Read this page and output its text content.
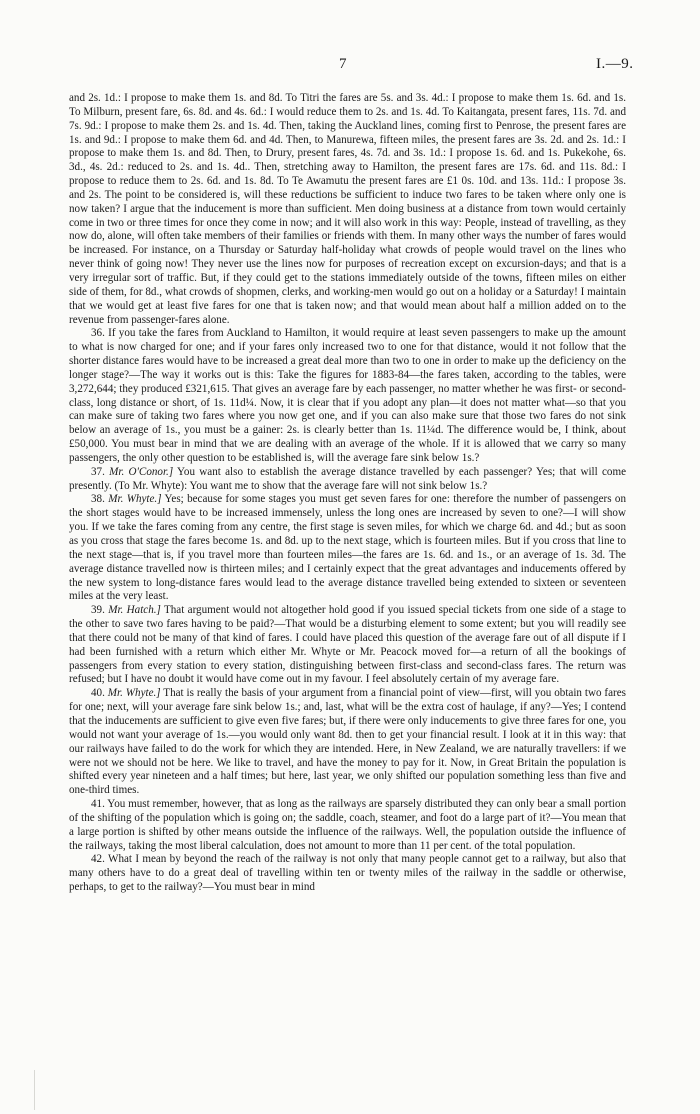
7	I.—9.

and 2s. 1d.: I propose to make them 1s. and 8d. To Titri the fares are 5s. and 3s. 4d.: I propose to make them 1s. 6d. and 1s. To Milburn, present fare, 6s. 8d. and 4s. 6d.: I would reduce them to 2s. and 1s. 4d. To Kaitangata, present fares, 11s. 7d. and 7s. 9d.: I propose to make them 2s. and 1s. 4d. Then, taking the Auckland lines, coming first to Penrose, the present fares are 1s. and 9d.: I propose to make them 6d. and 4d. Then, to Manurewa, fifteen miles, the present fares are 3s. 2d. and 2s. 1d.: I propose to make them 1s. and 8d. Then, to Drury, present fares, 4s. 7d. and 3s. 1d.: I propose 1s. 6d. and 1s. Pukekohe, 6s. 3d., 4s. 2d.: reduced to 2s. and 1s. 4d.. Then, stretching away to Hamilton, the present fares are 17s. 6d. and 11s. 8d.: I propose to reduce them to 2s. 6d. and 1s. 8d. To Te Awamutu the present fares are £1 0s. 10d. and 13s. 11d.: I propose 3s. and 2s. The point to be considered is, will these reductions be sufficient to induce two fares to be taken where only one is now taken? I argue that the inducement is more than sufficient. Men doing business at a distance from town would certainly come in two or three times for once they come in now; and it will also work in this way: People, instead of travelling, as they now do, alone, will often take members of their families or friends with them. In many other ways the number of fares would be increased. For instance, on a Thursday or Saturday half-holiday what crowds of people would travel on the lines who never think of going now! They never use the lines now for purposes of recreation except on excursion-days; and that is a very irregular sort of traffic. But, if they could get to the stations immediately outside of the towns, fifteen miles on either side of them, for 8d., what crowds of shopmen, clerks, and working-men would go out on a holiday or a Saturday! I maintain that we would get at least five fares for one that is taken now; and that would mean about half a million added on to the revenue from passenger-fares alone.

36. If you take the fares from Auckland to Hamilton, it would require at least seven passengers to make up the amount to what is now charged for one; and if your fares only increased two to one for that distance, would it not follow that the shorter distance fares would have to be increased a great deal more than two to one in order to make up the deficiency on the longer stage?—The way it works out is this: Take the figures for 1883-84—the fares taken, according to the tables, were 3,272,644; they produced £321,615. That gives an average fare by each passenger, no matter whether he was first- or second-class, long distance or short, of 1s. 11d¼. Now, it is clear that if you adopt any plan—it does not matter what—so that you can make sure of taking two fares where you now get one, and if you can also make sure that those two fares do not sink below an average of 1s., you must be a gainer: 2s. is clearly better than 1s. 11¼d. The difference would be, I think, about £50,000. You must bear in mind that we are dealing with an average of the whole. If it is allowed that we carry so many passengers, the only other question to be established is, will the average fare sink below 1s.?

37. Mr. O'Conor.] You want also to establish the average distance travelled by each passenger? Yes; that will come presently. (To Mr. Whyte): You want me to show that the average fare will not sink below 1s.?

38. Mr. Whyte.] Yes; because for some stages you must get seven fares for one: therefore the number of passengers on the short stages would have to be increased immensely, unless the long ones are increased by seven to one?—I will show you. If we take the fares coming from any centre, the first stage is seven miles, for which we charge 6d. and 4d.; but as soon as you cross that stage the fares become 1s. and 8d. up to the next stage, which is fourteen miles. But if you cross that line to the next stage—that is, if you travel more than fourteen miles—the fares are 1s. 6d. and 1s., or an average of 1s. 3d. The average distance travelled now is thirteen miles; and I certainly expect that the great advantages and inducements offered by the new system to long-distance fares would lead to the average distance travelled being extended to sixteen or seventeen miles at the very least.

39. Mr. Hatch.] That argument would not altogether hold good if you issued special tickets from one side of a stage to the other to save two fares having to be paid?—That would be a disturbing element to some extent; but you will readily see that there could not be many of that kind of fares. I could have placed this question of the average fare out of all dispute if I had been furnished with a return which either Mr. Whyte or Mr. Peacock moved for—a return of all the bookings of passengers from every station to every station, distinguishing between first-class and second-class fares. The return was refused; but I have no doubt it would have come out in my favour. I feel absolutely certain of my average fare.

40. Mr. Whyte.] That is really the basis of your argument from a financial point of view—first, will you obtain two fares for one; next, will your average fare sink below 1s.; and, last, what will be the extra cost of haulage, if any?—Yes; I contend that the inducements are sufficient to give even five fares; but, if there were only inducements to give three fares for one, you would not want your average of 1s.—you would only want 8d. then to get your financial result. I look at it in this way: that our railways have failed to do the work for which they are intended. Here, in New Zealand, we are naturally travellers: if we were not we should not be here. We like to travel, and have the money to pay for it. Now, in Great Britain the population is shifted every year nineteen and a half times; but here, last year, we only shifted our population something less than five and one-third times.

41. You must remember, however, that as long as the railways are sparsely distributed they can only bear a small portion of the shifting of the population which is going on; the saddle, coach, steamer, and foot do a large part of it?—You mean that a large portion is shifted by other means outside the influence of the railways. Well, the population outside the influence of the railways, taking the most liberal calculation, does not amount to more than 11 per cent. of the total population.

42. What I mean by beyond the reach of the railway is not only that many people cannot get to a railway, but also that many others have to do a great deal of travelling within ten or twenty miles of the railway in the saddle or otherwise, perhaps, to get to the railway?—You must bear in mind
